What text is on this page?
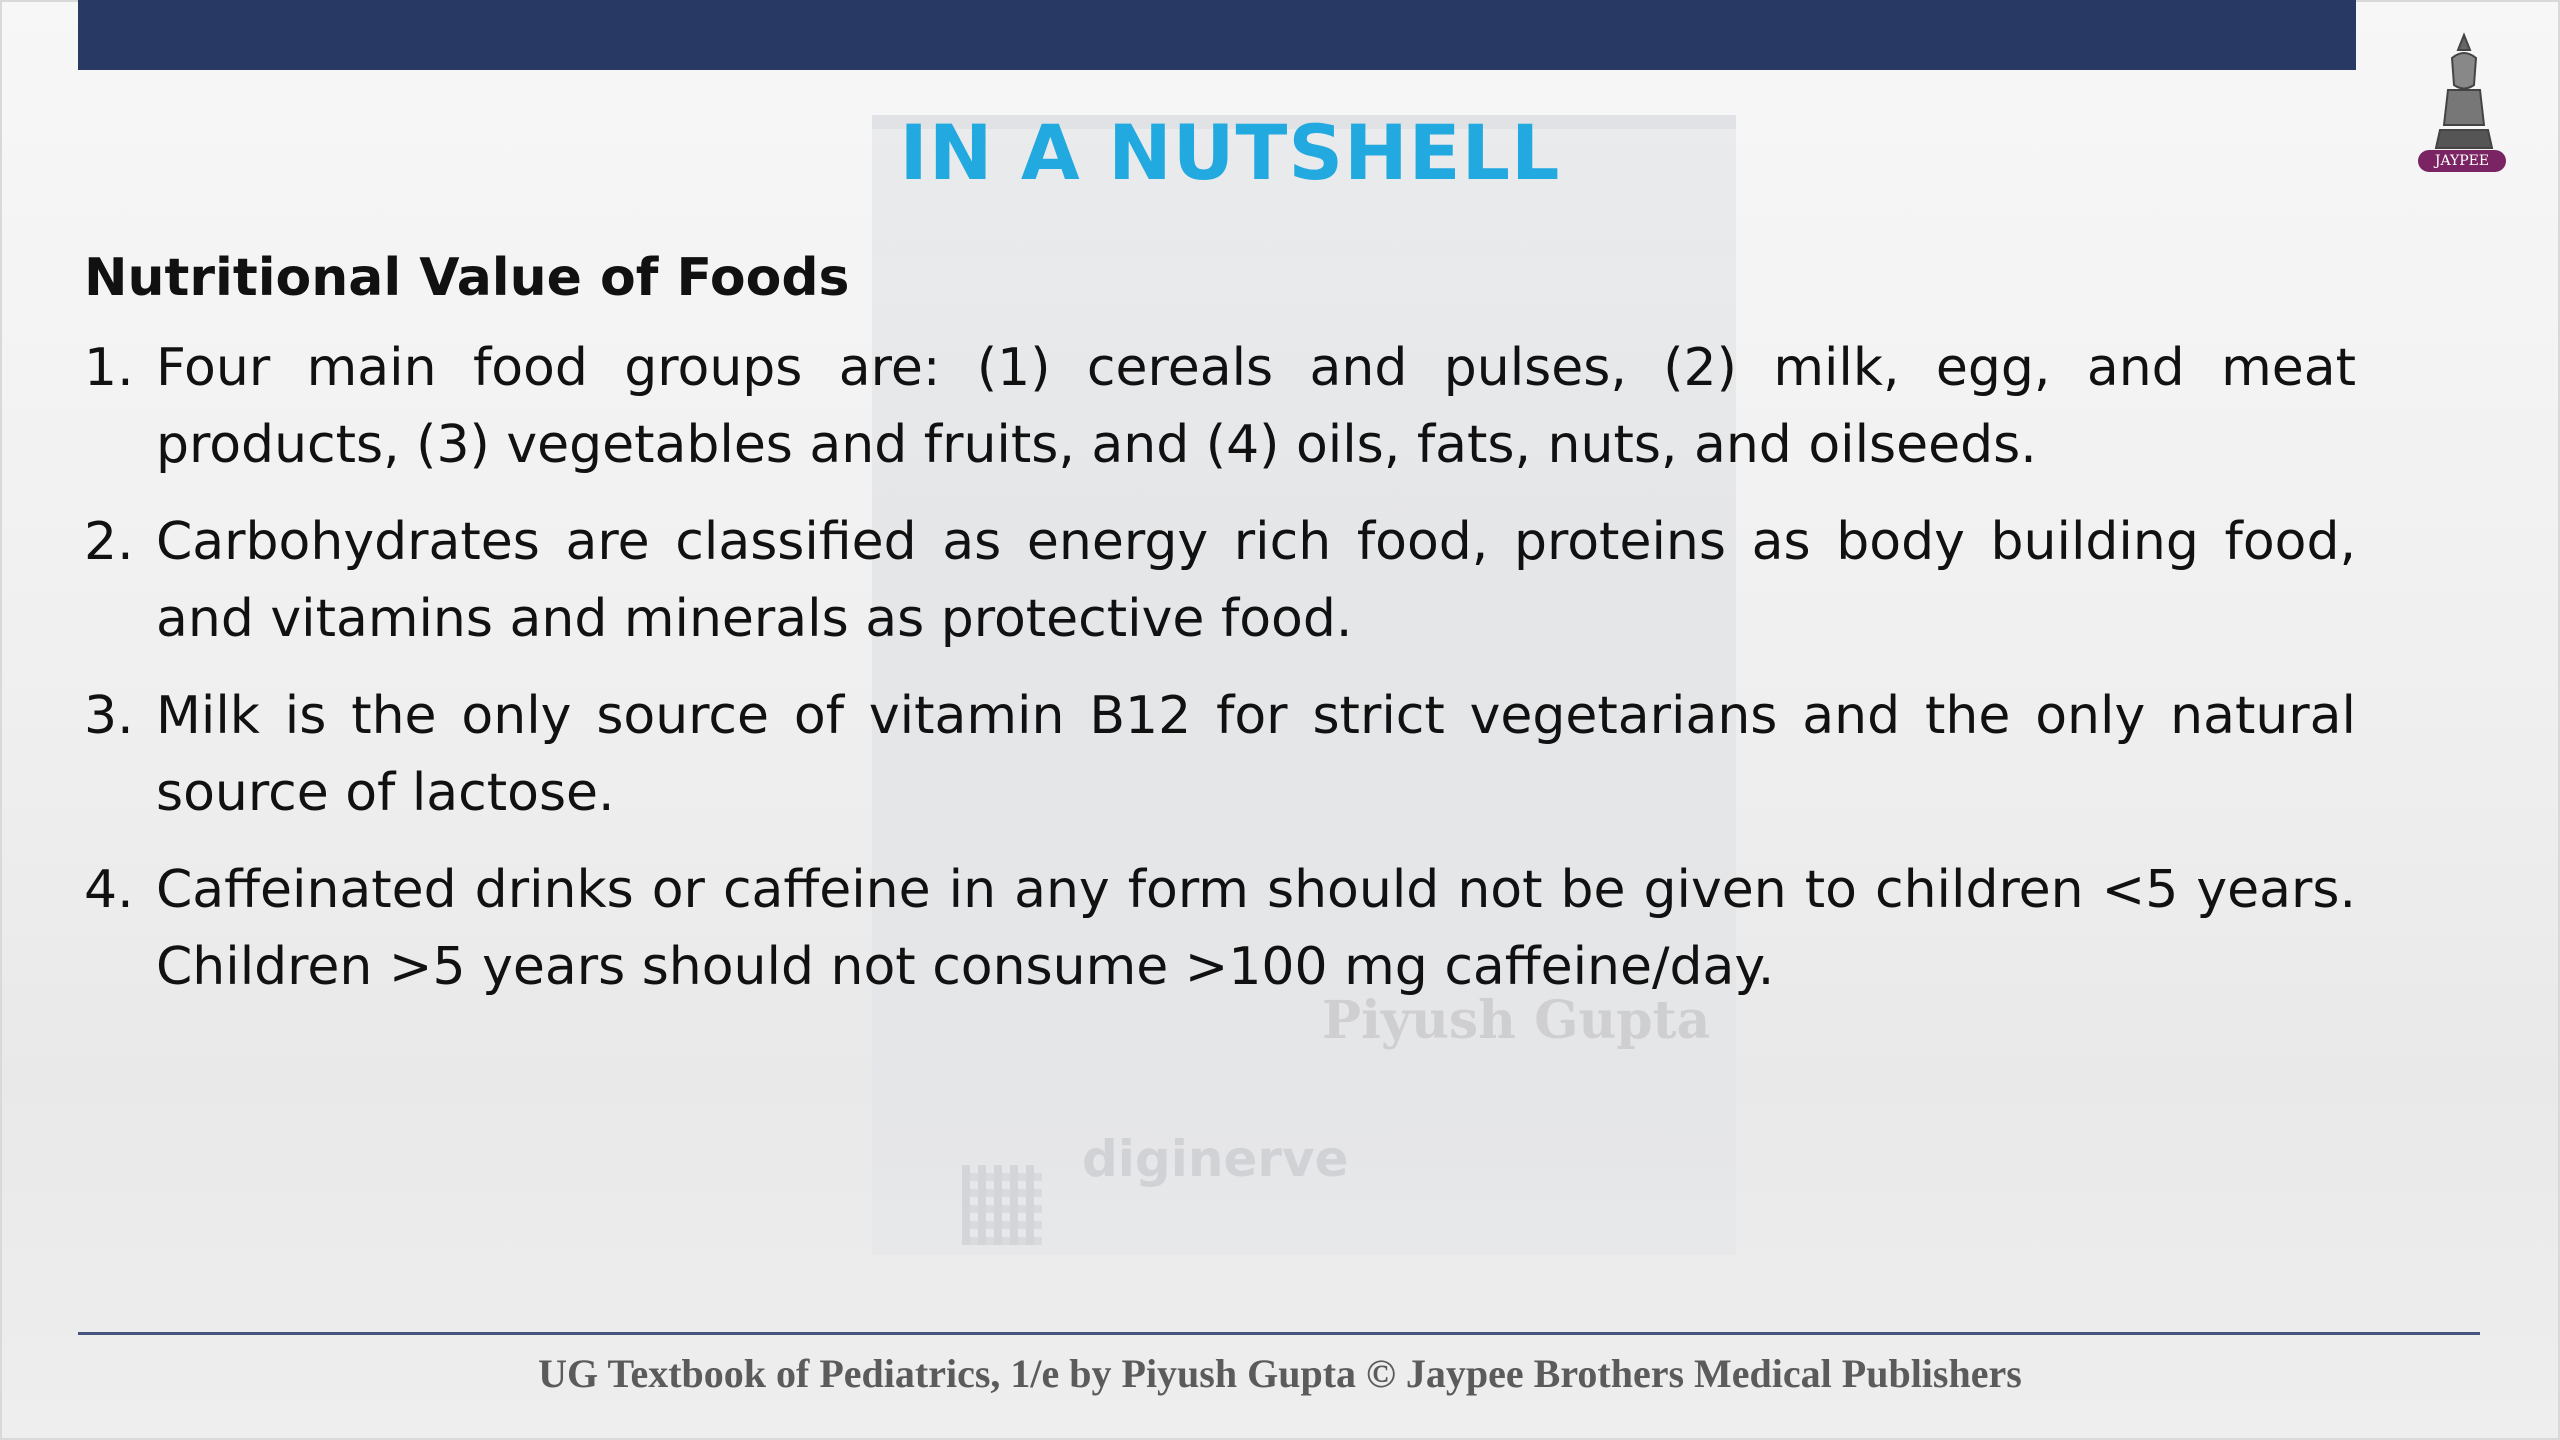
Piyush Gupta
diginerve
JAYPEE
IN A NUTSHELL
Nutritional Value of Foods
1. Four main food groups are: (1) cereals and pulses, (2) milk, egg, and meat products, (3) vegetables and fruits, and (4) oils, fats, nuts, and oilseeds.
2. Carbohydrates are classified as energy rich food, proteins as body building food, and vitamins and minerals as protective food.
3. Milk is the only source of vitamin B12 for strict vegetarians and the only natural source of lactose.
4. Caffeinated drinks or caffeine in any form should not be given to children <5 years. Children >5 years should not consume >100 mg caffeine/day.
UG Textbook of Pediatrics, 1/e by Piyush Gupta © Jaypee Brothers Medical Publishers
